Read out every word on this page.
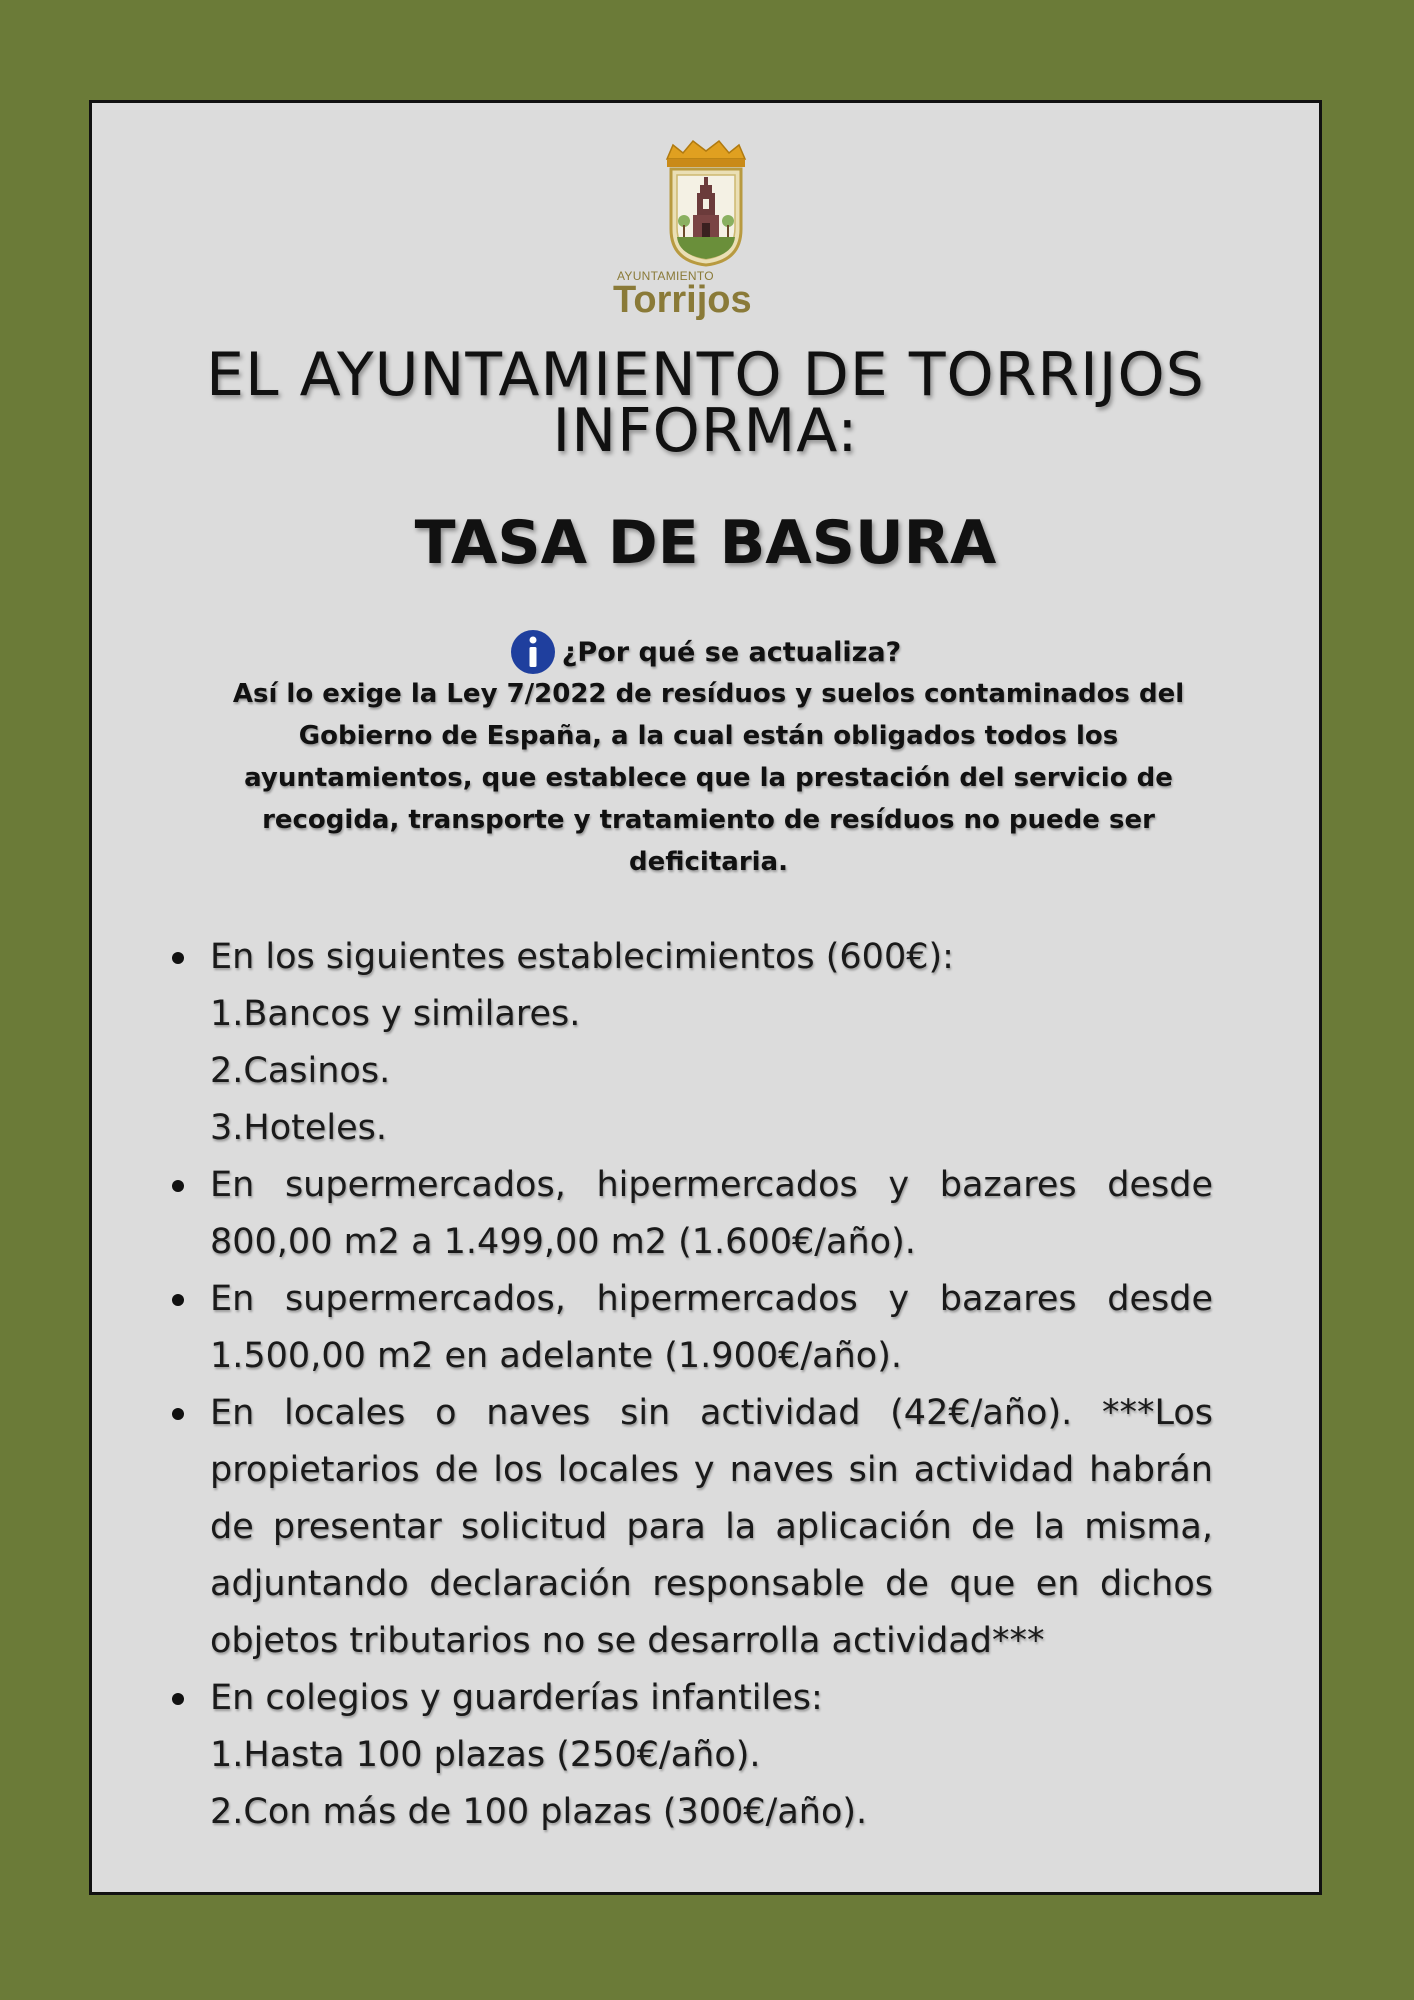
AYUNTAMIENTO
Torrijos
EL AYUNTAMIENTO DE TORRIJOS
INFORMA:
TASA DE BASURA
¿Por qué se actualiza?
Así lo exige la Ley 7/2022 de resíduos y suelos contaminados del Gobierno de España, a la cual están obligados todos los ayuntamientos, que establece que la prestación del servicio de recogida, transporte y tratamiento de resíduos no puede ser deficitaria.
En los siguientes establecimientos (600€):
1.Bancos y similares.
2.Casinos.
3.Hoteles.
En supermercados, hipermercados y bazares desde 800,00 m2 a 1.499,00 m2 (1.600€/año).
En supermercados, hipermercados y bazares desde 1.500,00 m2 en adelante (1.900€/año).
En locales o naves sin actividad (42€/año). ***Los propietarios de los locales y naves sin actividad habrán de presentar solicitud para la aplicación de la misma, adjuntando declaración responsable de que en dichos objetos tributarios no se desarrolla actividad***
En colegios y guarderías infantiles:
1.Hasta 100 plazas (250€/año).
2.Con más de 100 plazas (300€/año).
